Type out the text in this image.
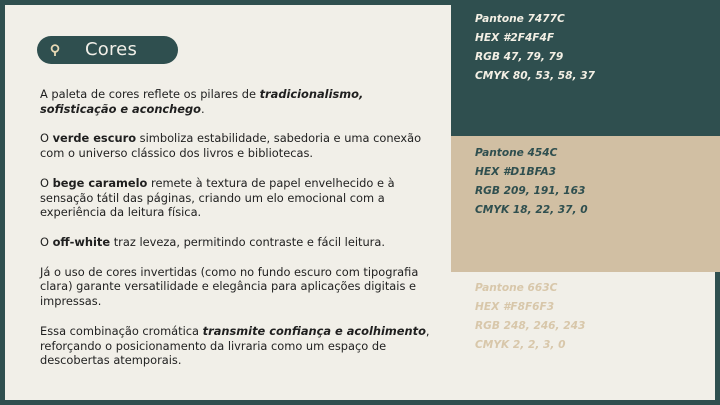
Cores

A paleta de cores reflete os pilares de tradicionalismo, sofisticação e aconchego.

O verde escuro simboliza estabilidade, sabedoria e uma conexão com o universo clássico dos livros e bibliotecas.

O bege caramelo remete à textura de papel envelhecido e à sensação tátil das páginas, criando um elo emocional com a experiência da leitura física.

O off-white traz leveza, permitindo contraste e fácil leitura.

Já o uso de cores invertidas (como no fundo escuro com tipografia clara) garante versatilidade e elegância para aplicações digitais e impressas.

Essa combinação cromática transmite confiança e acolhimento, reforçando o posicionamento da livraria como um espaço de descobertas atemporais.

Pantone 7477C
HEX #2F4F4F
RGB 47, 79, 79
CMYK 80, 53, 58, 37
Pantone 454C
HEX #D1BFA3
RGB 209, 191, 163
CMYK 18, 22, 37, 0
Pantone 663C
HEX #F8F6F3
RGB 248, 246, 243
CMYK 2, 2, 3, 0
